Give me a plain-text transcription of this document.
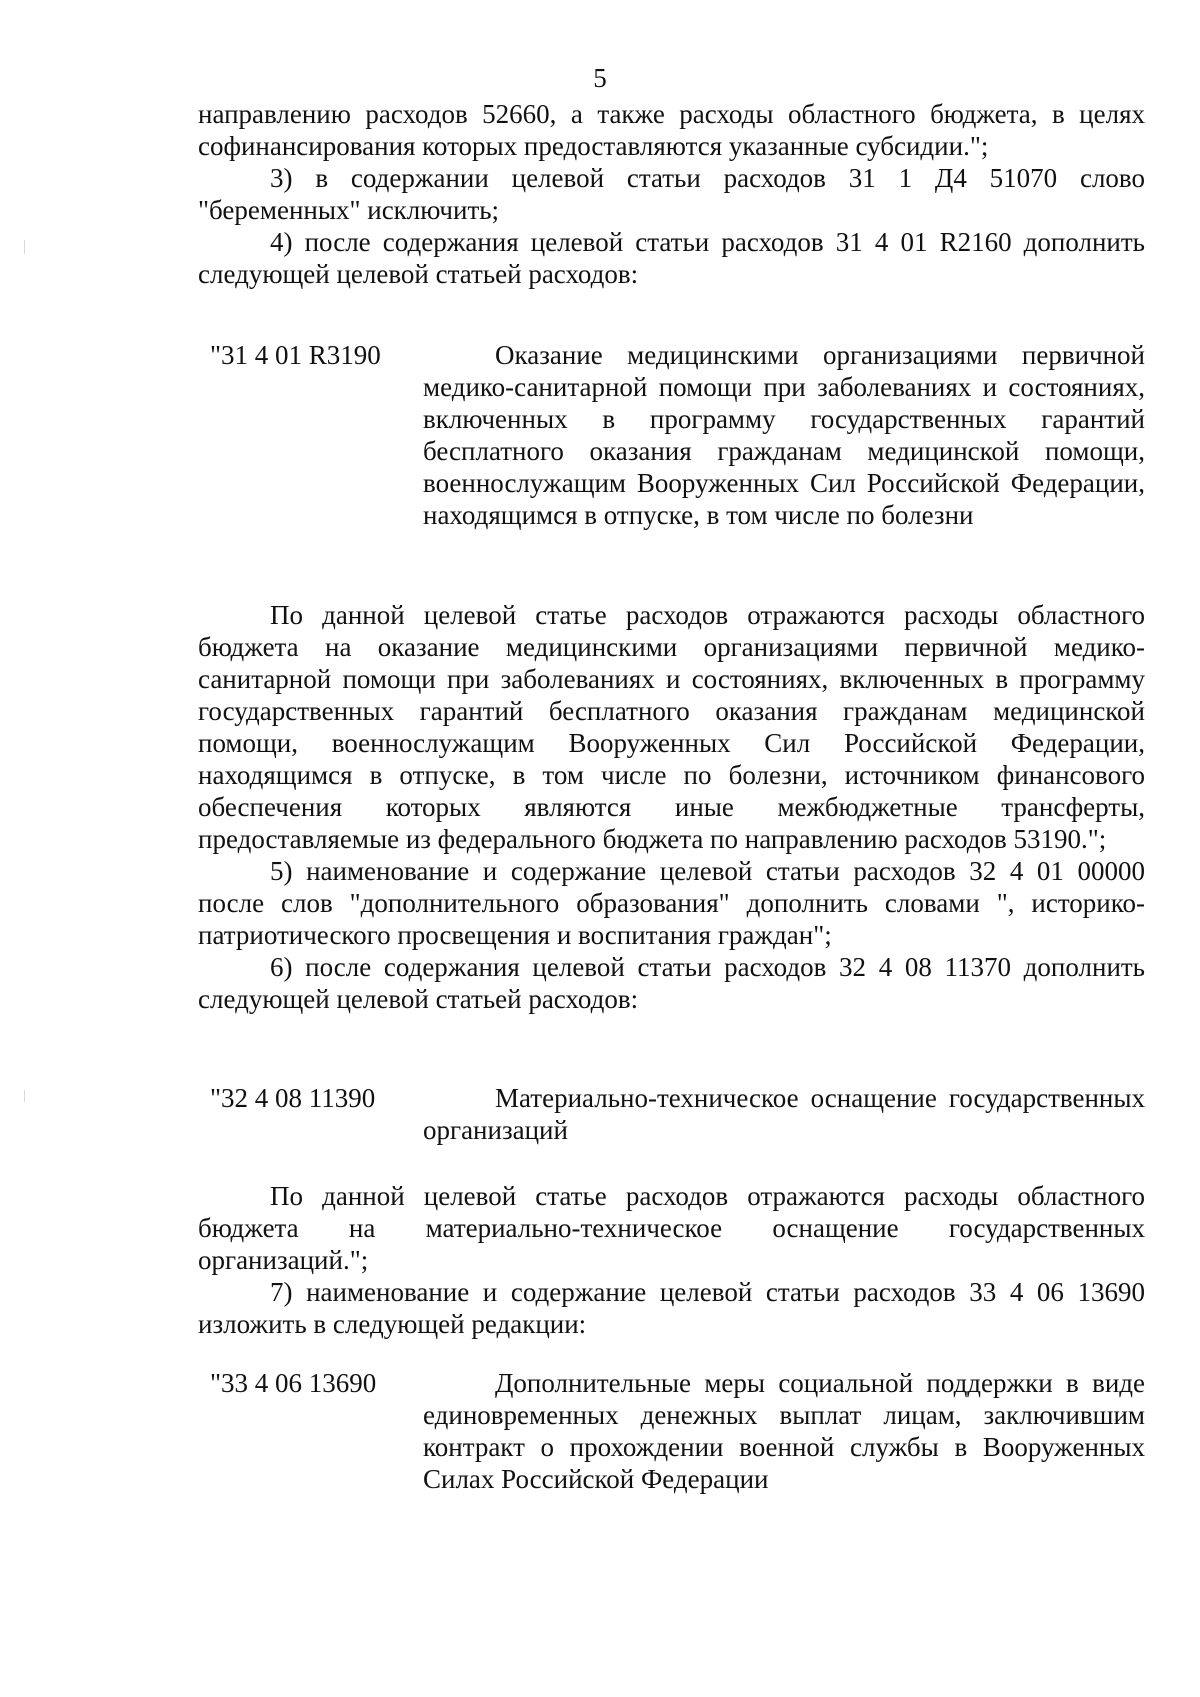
5

направлению расходов 52660, а также расходы областного бюджета, в целях софинансирования которых предоставляются указанные субсидии.";

3) в содержании целевой статьи расходов 31 1 Д4 51070 слово "беременных" исключить;

4) после содержания целевой статьи расходов 31 4 01 R2160 дополнить следующей целевой статьей расходов:

"31 4 01 R3190	Оказание медицинскими организациями первичной медико-санитарной помощи при заболеваниях и состояниях, включенных в программу государственных гарантий бесплатного оказания гражданам медицинской помощи, военнослужащим Вооруженных Сил Российской Федерации, находящимся в отпуске, в том числе по болезни

По данной целевой статье расходов отражаются расходы областного бюджета на оказание медицинскими организациями первичной медико-санитарной помощи при заболеваниях и состояниях, включенных в программу государственных гарантий бесплатного оказания гражданам медицинской помощи, военнослужащим Вооруженных Сил Российской Федерации, находящимся в отпуске, в том числе по болезни, источником финансового обеспечения которых являются иные межбюджетные трансферты, предоставляемые из федерального бюджета по направлению расходов 53190.";

5) наименование и содержание целевой статьи расходов 32 4 01 00000 после слов "дополнительного образования" дополнить словами ", историко-патриотического просвещения и воспитания граждан";

6) после содержания целевой статьи расходов 32 4 08 11370 дополнить следующей целевой статьей расходов:

"32 4 08 11390	Материально-техническое оснащение государственных организаций

По данной целевой статье расходов отражаются расходы областного бюджета на материально-техническое оснащение государственных организаций.";

7) наименование и содержание целевой статьи расходов 33 4 06 13690 изложить в следующей редакции:

"33 4 06 13690	Дополнительные меры социальной поддержки в виде единовременных денежных выплат лицам, заключившим контракт о прохождении военной службы в Вооруженных Силах Российской Федерации
